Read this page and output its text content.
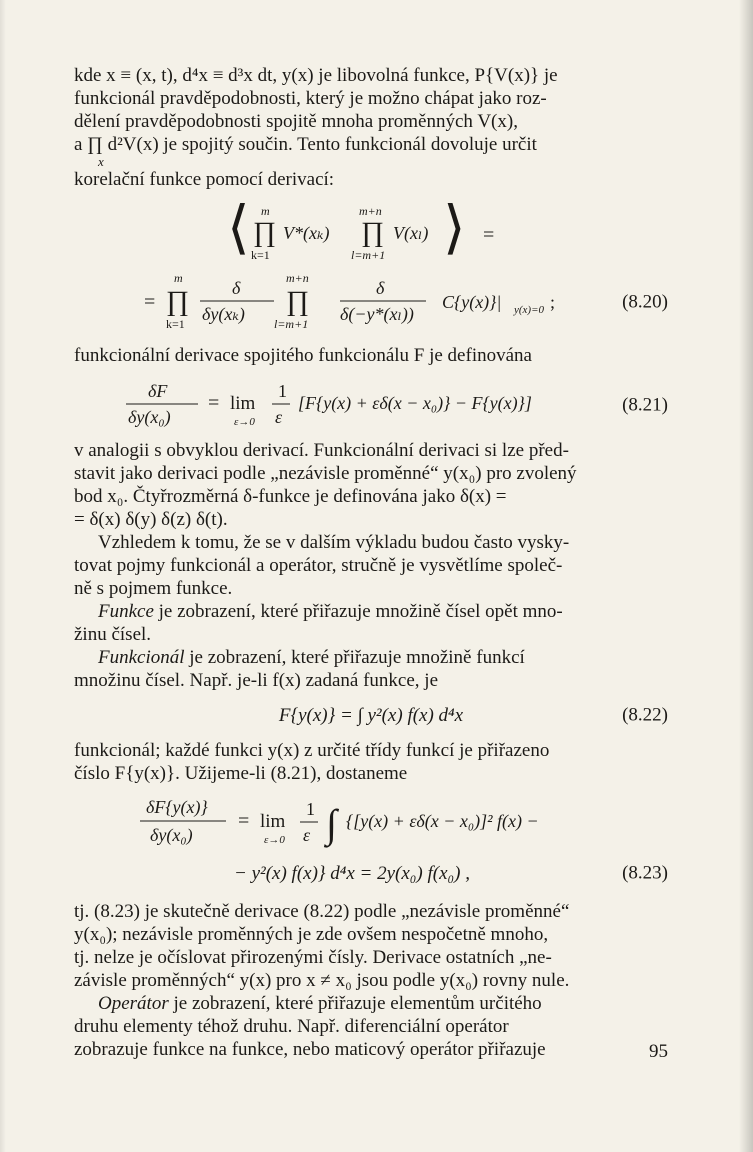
kde x ≡ (x, t), d⁴x ≡ d³x dt, y(x) je libovolná funkce, P{V(x)} je

funkcionál pravděpodobnosti, který je možno chápat jako roz-

dělení pravděpodobnosti spojitě mnoha proměnných V(x),

a ∏ d²V(x) je spojitý součin. Tento funkcionál dovoluje určit

x

korelační funkce pomocí derivací:

⟨ m
∏
k=1
V*(xₖ)
m+n
∏
l=m+1
V(xₗ) ⟩ =
=
m
∏
k=1
δ
δy(xₖ)
m+n
∏
l=m+1
δ
δ(−y*(xₗ))
C{y(x)}| y(x)=0 ;	(8.20)

funkcionální derivace spojitého funkcionálu F je definována

δF
δy(x₀)
= lim
ε→0
1
ε
[F{y(x) + εδ(x − x₀)} − F{y(x)}]	(8.21)

v analogii s obvyklou derivací. Funkcionální derivaci si lze před-

stavit jako derivaci podle „nezávisle proměnné“ y(x₀) pro zvolený

bod x₀. Čtyřrozměrná δ-funkce je definována jako δ(x) =

= δ(x) δ(y) δ(z) δ(t).

Vzhledem k tomu, že se v dalším výkladu budou často vysky-

tovat pojmy funkcionál a operátor, stručně je vysvětlíme společ-

ně s pojmem funkce.

Funkce je zobrazení, které přiřazuje množině čísel opět mno-

žinu čísel.

Funkcionál je zobrazení, které přiřazuje množině funkcí

množinu čísel. Např. je-li f(x) zadaná funkce, je

F{y(x)} = ∫ y²(x) f(x) d⁴x	(8.22)

funkcionál; každé funkci y(x) z určité třídy funkcí je přiřazeno

číslo F{y(x)}. Užijeme-li (8.21), dostaneme

δF{y(x)}
δy(x₀)
= lim
ε→0
1
ε ∫ {[y(x) + εδ(x − x₀)]² f(x) −
− y²(x) f(x)} d⁴x = 2y(x₀) f(x₀) ,	(8.23)

tj. (8.23) je skutečně derivace (8.22) podle „nezávisle proměnné“

y(x₀); nezávisle proměnných je zde ovšem nespočetně mnoho,

tj. nelze je očíslovat přirozenými čísly. Derivace ostatních „ne-

závisle proměnných“ y(x) pro x ≠ x₀ jsou podle y(x₀) rovny nule.

Operátor je zobrazení, které přiřazuje elementům určitého

druhu elementy téhož druhu. Např. diferenciální operátor

zobrazuje funkce na funkce, nebo maticový operátor přiřazuje	95
